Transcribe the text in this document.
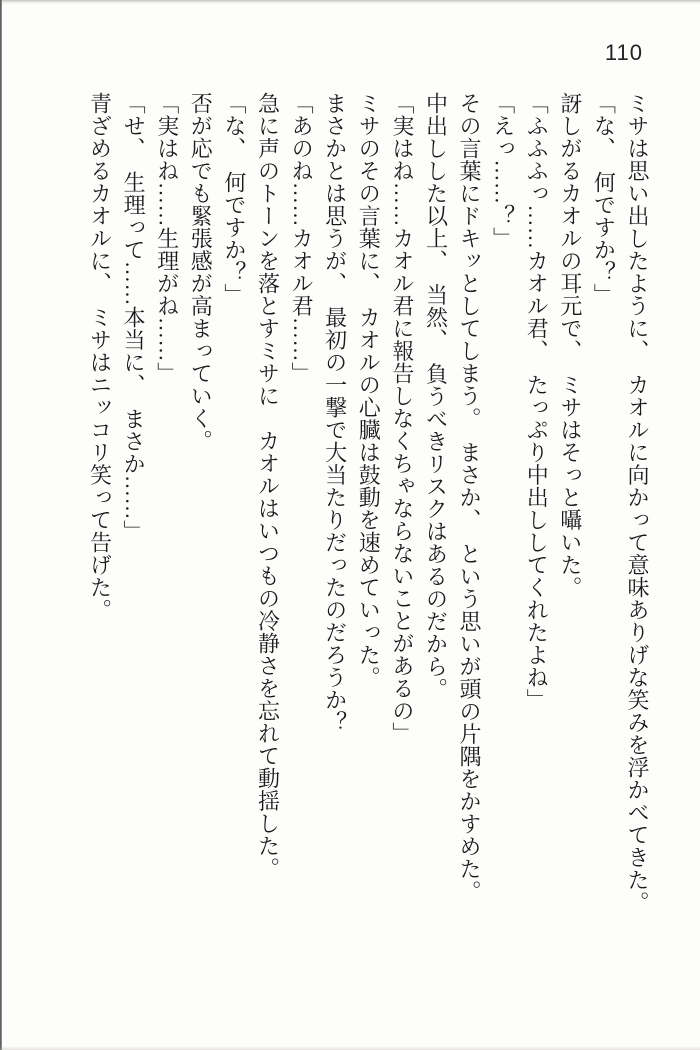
110

ミサは思い出したように、　カオルに向かって意味ありげな笑みを浮かべてきた。

「な、　何ですか？」

訝しがるカオルの耳元で、　ミサはそっと囁いた。

「ふふふっ……カオル君、　たっぷり中出ししてくれたよね」

「えっ……？」

その言葉にドキッとしてしまう。　まさか、　という思いが頭の片隅をかすめた。

中出しした以上、　当然、　負うべきリスクはあるのだから。

「実はね……カオル君に報告しなくちゃならないことがあるの」

ミサのその言葉に、　カオルの心臓は鼓動を速めていった。

まさかとは思うが、　最初の一撃で大当たりだったのだろうか？

「あのね……カオル君……」

急に声のトーンを落とすミサに　カオルはいつもの冷静さを忘れて動揺した。

「な、　何ですか？」

否が応でも緊張感が高まっていく。

「実はね……生理がね……」

「せ、　生理って……本当に、　まさか……」

青ざめるカオルに、　ミサはニッコリ笑って告げた。
